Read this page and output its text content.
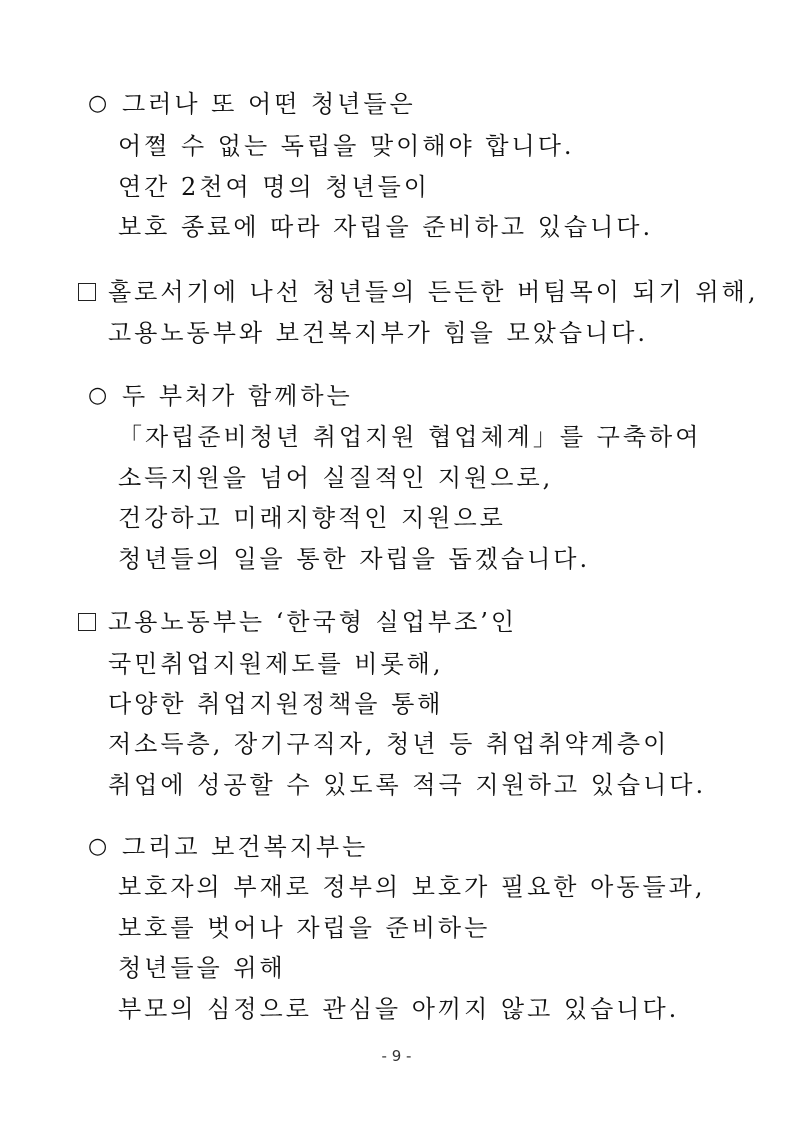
○ 그러나 또 어떤 청년들은
어쩔 수 없는 독립을 맞이해야 합니다.
연간 2천여 명의 청년들이
보호 종료에 따라 자립을 준비하고 있습니다.
홀로서기에 나선 청년들의 든든한 버팀목이 되기 위해,
고용노동부와 보건복지부가 힘을 모았습니다.
○ 두 부처가 함께하는
「자립준비청년 취업지원 협업체계」를 구축하여
소득지원을 넘어 실질적인 지원으로,
건강하고 미래지향적인 지원으로
청년들의 일을 통한 자립을 돕겠습니다.
고용노동부는 ‘한국형 실업부조’인
국민취업지원제도를 비롯해,
다양한 취업지원정책을 통해
저소득층, 장기구직자, 청년 등 취업취약계층이
취업에 성공할 수 있도록 적극 지원하고 있습니다.
○ 그리고 보건복지부는
보호자의 부재로 정부의 보호가 필요한 아동들과,
보호를 벗어나 자립을 준비하는
청년들을 위해
부모의 심정으로 관심을 아끼지 않고 있습니다.
- 9 -
